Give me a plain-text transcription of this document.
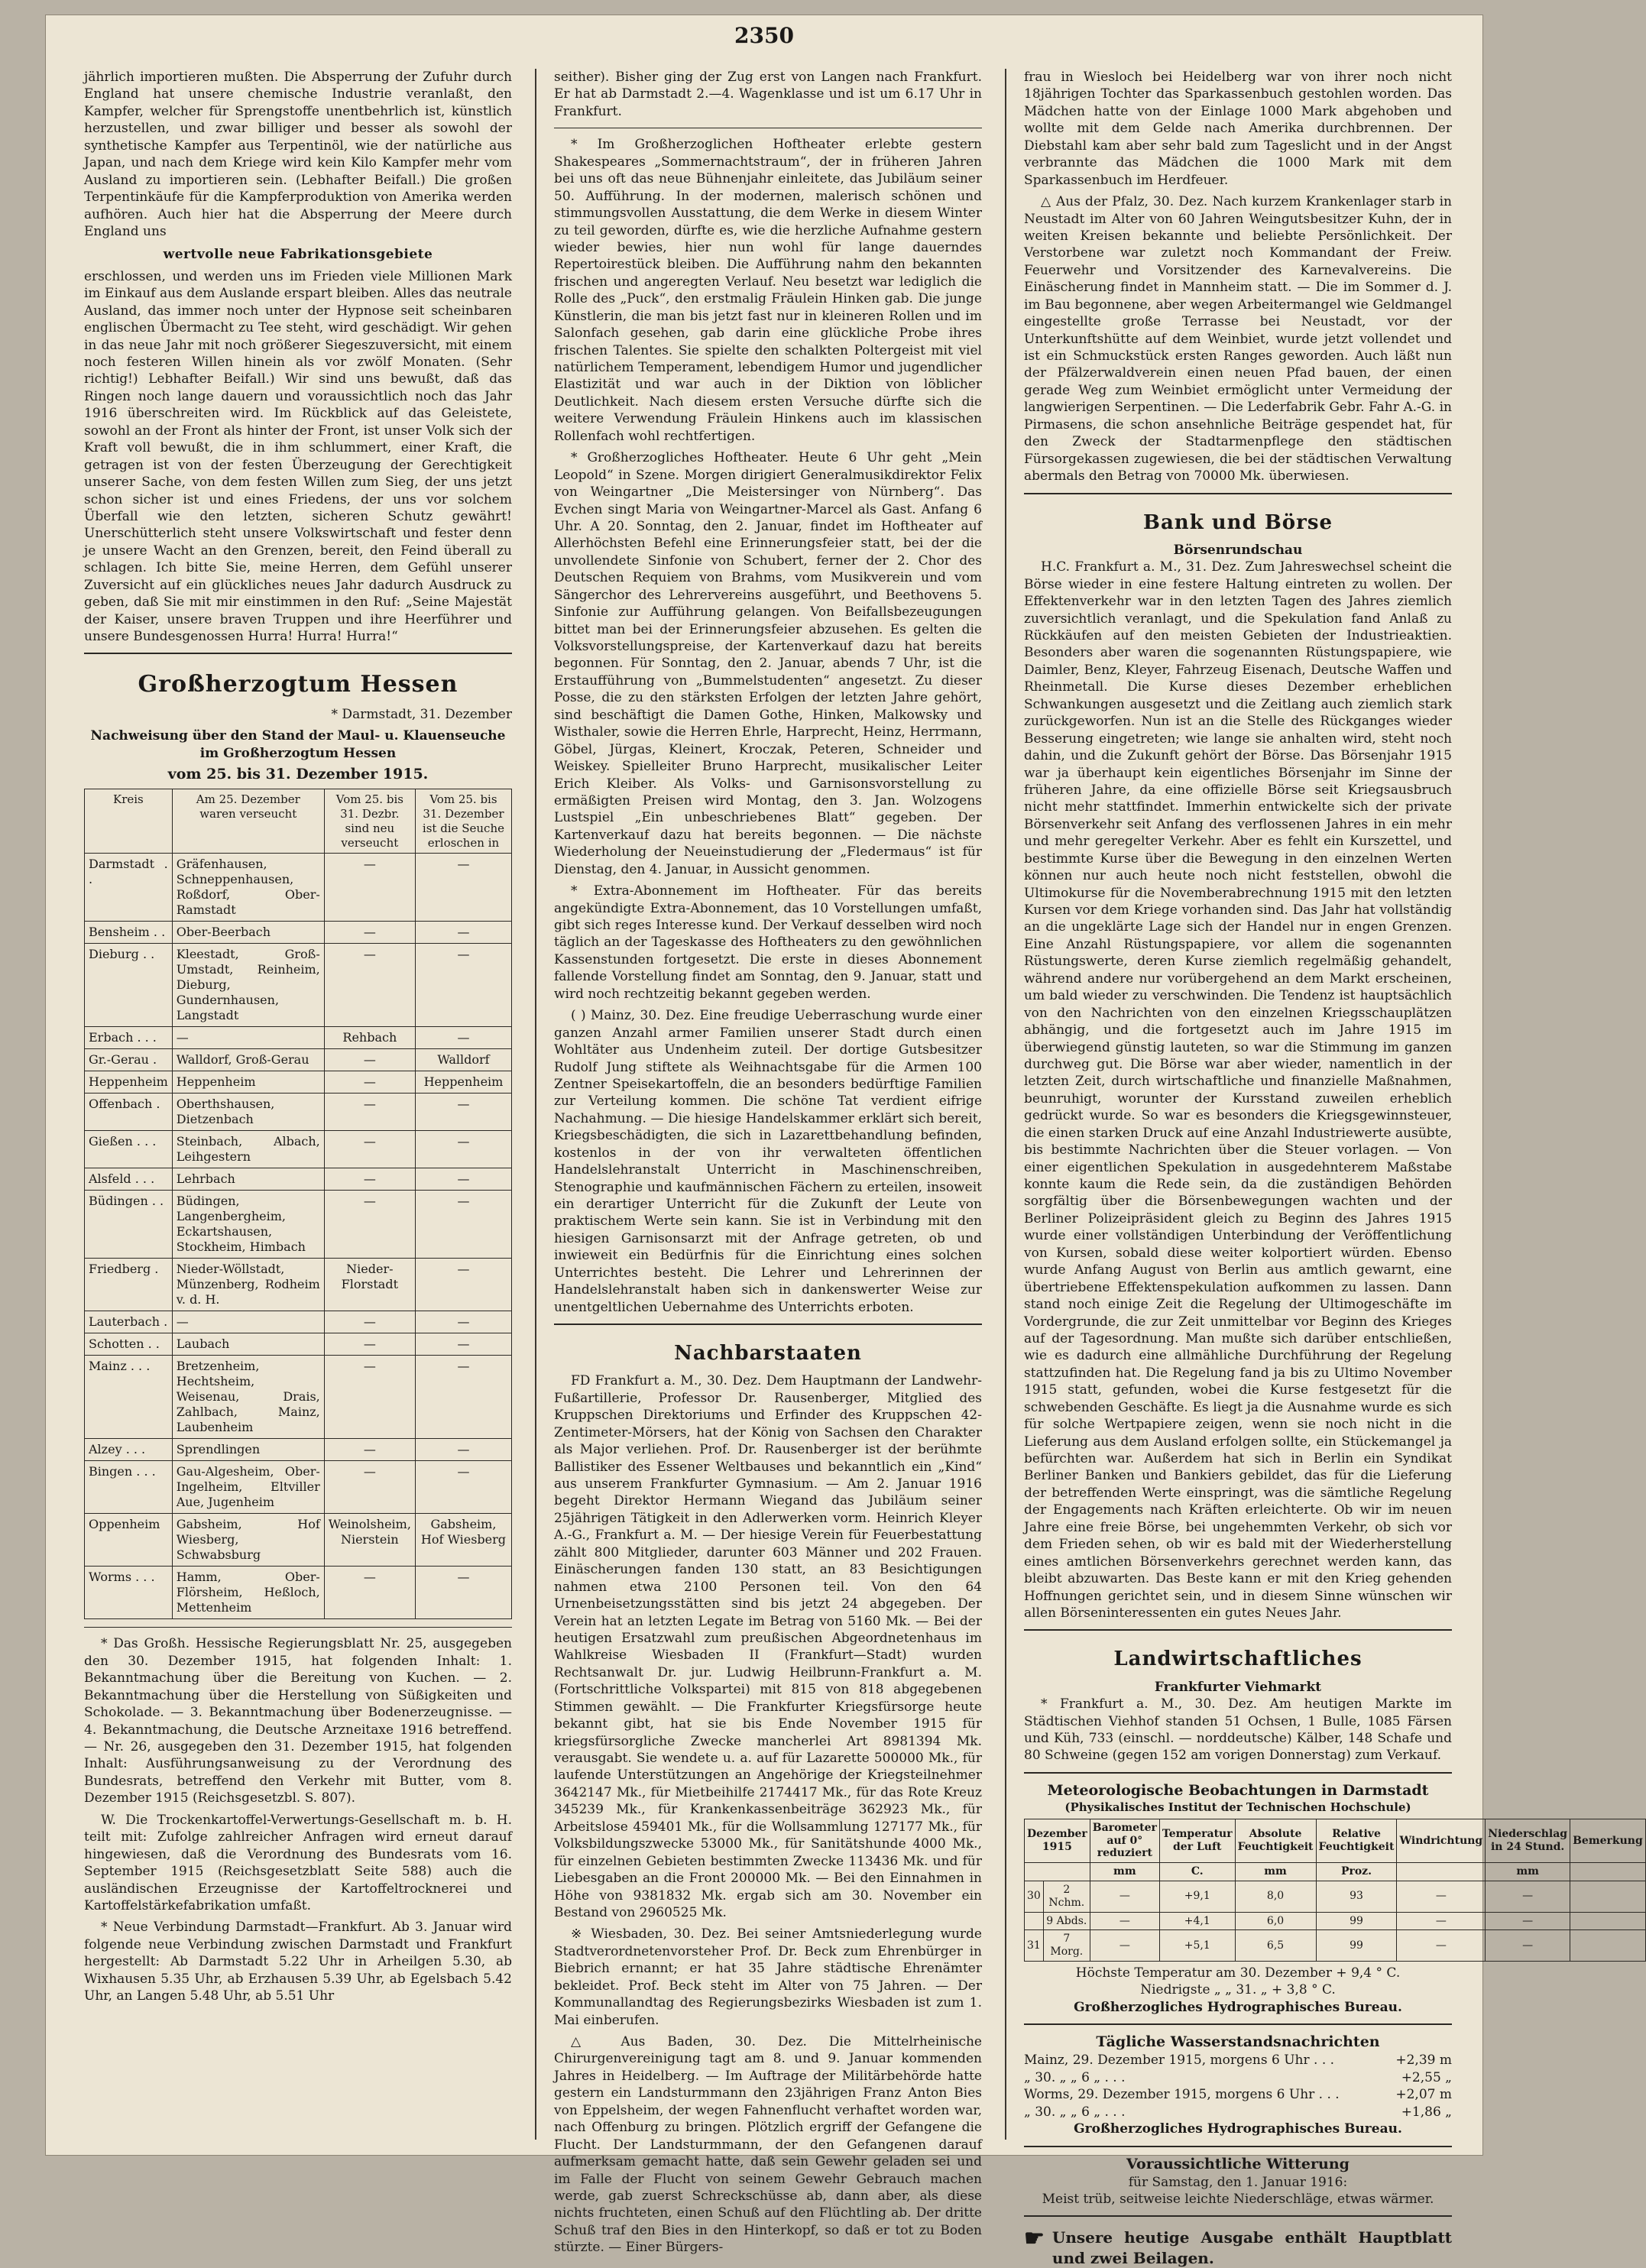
2350

jährlich importieren mußten. Die Absperrung der Zufuhr durch England hat unsere chemische Industrie veranlaßt, den Kampfer, welcher für Sprengstoffe unentbehrlich ist, künstlich herzustellen, und zwar billiger und besser als sowohl der synthetische Kampfer aus Terpentinöl, wie der natürliche aus Japan, und nach dem Kriege wird kein Kilo Kampfer mehr vom Ausland zu importieren sein. (Lebhafter Beifall.) Die großen Terpentinkäufe für die Kampferproduktion von Amerika werden aufhören. Auch hier hat die Absperrung der Meere durch England uns

wertvolle neue Fabrikationsgebiete

erschlossen, und werden uns im Frieden viele Millionen Mark im Einkauf aus dem Auslande erspart bleiben. Alles das neutrale Ausland, das immer noch unter der Hypnose seit scheinbaren englischen Übermacht zu Tee steht, wird geschädigt. Wir gehen in das neue Jahr mit noch größerer Siegeszuversicht, mit einem noch festeren Willen hinein als vor zwölf Monaten. (Sehr richtig!) Lebhafter Beifall.) Wir sind uns bewußt, daß das Ringen noch lange dauern und voraussichtlich noch das Jahr 1916 überschreiten wird. Im Rückblick auf das Geleistete, sowohl an der Front als hinter der Front, ist unser Volk sich der Kraft voll bewußt, die in ihm schlummert, einer Kraft, die getragen ist von der festen Überzeugung der Gerechtigkeit unserer Sache, von dem festen Willen zum Sieg, der uns jetzt schon sicher ist und eines Friedens, der uns vor solchem Überfall wie den letzten, sicheren Schutz gewährt! Unerschütterlich steht unsere Volkswirtschaft und fester denn je unsere Wacht an den Grenzen, bereit, den Feind überall zu schlagen. Ich bitte Sie, meine Herren, dem Gefühl unserer Zuversicht auf ein glückliches neues Jahr dadurch Ausdruck zu geben, daß Sie mit mir einstimmen in den Ruf: „Seine Majestät der Kaiser, unsere braven Truppen und ihre Heerführer und unsere Bundesgenossen Hurra! Hurra! Hurra!“

Großherzogtum Hessen

* Darmstadt, 31. Dezember

Nachweisung über den Stand der Maul- u. Klauenseuche
im Großherzogtum Hessen
vom 25. bis 31. Dezember 1915.
Kreis	Am 25. Dezember waren verseucht	Vom 25. bis 31. Dezbr. sind neu verseucht	Vom 25. bis 31. Dezember ist die Seuche erloschen in
Darmstadt . .	Gräfenhausen, Schneppenhausen, Roßdorf, Ober-Ramstadt	—	—
Bensheim . .	Ober-Beerbach	—	—
Dieburg . .	Kleestadt, Groß-Umstadt, Reinheim, Dieburg, Gundernhausen, Langstadt	—	—
Erbach . . .	—	Rehbach	—
Gr.-Gerau .	Walldorf, Groß-Gerau	—	Walldorf
Heppenheim	Heppenheim	—	Heppenheim
Offenbach .	Oberthshausen, Dietzenbach	—	—
Gießen . . .	Steinbach, Albach, Leihgestern	—	—
Alsfeld . . .	Lehrbach	—	—
Büdingen . .	Büdingen, Langenbergheim, Eckartshausen, Stockheim, Himbach	—	—
Friedberg .	Nieder-Wöllstadt, Münzenberg, Rodheim v. d. H.	Nieder-Florstadt	—
Lauterbach .	—	—	—
Schotten . .	Laubach	—	—
Mainz . . .	Bretzenheim, Hechtsheim, Weisenau, Drais, Zahlbach, Mainz, Laubenheim	—	—
Alzey . . .	Sprendlingen	—	—
Bingen . . .	Gau-Algesheim, Ober-Ingelheim, Eltviller Aue, Jugenheim	—	—
Oppenheim	Gabsheim, Hof Wiesberg, Schwabsburg	Weinolsheim, Nierstein	Gabsheim, Hof Wiesberg
Worms . . .	Hamm, Ober-Flörsheim, Heßloch, Mettenheim	—	—

* Das Großh. Hessische Regierungsblatt Nr. 25, ausgegeben den 30. Dezember 1915, hat folgenden Inhalt: 1. Bekanntmachung über die Bereitung von Kuchen. — 2. Bekanntmachung über die Herstellung von Süßigkeiten und Schokolade. — 3. Bekanntmachung über Bodenerzeugnisse. — 4. Bekanntmachung, die Deutsche Arzneitaxe 1916 betreffend. — Nr. 26, ausgegeben den 31. Dezember 1915, hat folgenden Inhalt: Ausführungsanweisung zu der Verordnung des Bundesrats, betreffend den Verkehr mit Butter, vom 8. Dezember 1915 (Reichsgesetzbl. S. 807).

W. Die Trockenkartoffel-Verwertungs-Gesellschaft m. b. H. teilt mit: Zufolge zahlreicher Anfragen wird erneut darauf hingewiesen, daß die Verordnung des Bundesrats vom 16. September 1915 (Reichsgesetzblatt Seite 588) auch die ausländischen Erzeugnisse der Kartoffeltrocknerei und Kartoffelstärkefabrikation umfaßt.

* Neue Verbindung Darmstadt—Frankfurt. Ab 3. Januar wird folgende neue Verbindung zwischen Darmstadt und Frankfurt hergestellt: Ab Darmstadt 5.22 Uhr in Arheilgen 5.30, ab Wixhausen 5.35 Uhr, ab Erzhausen 5.39 Uhr, ab Egelsbach 5.42 Uhr, an Langen 5.48 Uhr, ab 5.51 Uhr

seither). Bisher ging der Zug erst von Langen nach Frankfurt. Er hat ab Darmstadt 2.—4. Wagenklasse und ist um 6.17 Uhr in Frankfurt.

* Im Großherzoglichen Hoftheater erlebte gestern Shakespeares „Sommernachtstraum“, der in früheren Jahren bei uns oft das neue Bühnenjahr einleitete, das Jubiläum seiner 50. Aufführung. In der modernen, malerisch schönen und stimmungsvollen Ausstattung, die dem Werke in diesem Winter zu teil geworden, dürfte es, wie die herzliche Aufnahme gestern wieder bewies, hier nun wohl für lange dauerndes Repertoirestück bleiben. Die Aufführung nahm den bekannten frischen und angeregten Verlauf. Neu besetzt war lediglich die Rolle des „Puck“, den erstmalig Fräulein Hinken gab. Die junge Künstlerin, die man bis jetzt fast nur in kleineren Rollen und im Salonfach gesehen, gab darin eine glückliche Probe ihres frischen Talentes. Sie spielte den schalkten Poltergeist mit viel natürlichem Temperament, lebendigem Humor und jugendlicher Elastizität und war auch in der Diktion von löblicher Deutlichkeit. Nach diesem ersten Versuche dürfte sich die weitere Verwendung Fräulein Hinkens auch im klassischen Rollenfach wohl rechtfertigen.

* Großherzogliches Hoftheater. Heute 6 Uhr geht „Mein Leopold“ in Szene. Morgen dirigiert Generalmusikdirektor Felix von Weingartner „Die Meistersinger von Nürnberg“. Das Evchen singt Maria von Weingartner-Marcel als Gast. Anfang 6 Uhr. A 20. Sonntag, den 2. Januar, findet im Hoftheater auf Allerhöchsten Befehl eine Erinnerungsfeier statt, bei der die unvollendete Sinfonie von Schubert, ferner der 2. Chor des Deutschen Requiem von Brahms, vom Musikverein und vom Sängerchor des Lehrervereins ausgeführt, und Beethovens 5. Sinfonie zur Aufführung gelangen. Von Beifallsbezeugungen bittet man bei der Erinnerungsfeier abzusehen. Es gelten die Volksvorstellungspreise, der Kartenverkauf dazu hat bereits begonnen. Für Sonntag, den 2. Januar, abends 7 Uhr, ist die Erstaufführung von „Bummelstudenten“ angesetzt. Zu dieser Posse, die zu den stärksten Erfolgen der letzten Jahre gehört, sind beschäftigt die Damen Gothe, Hinken, Malkowsky und Wisthaler, sowie die Herren Ehrle, Harprecht, Heinz, Herrmann, Göbel, Jürgas, Kleinert, Kroczak, Peteren, Schneider und Weiskey. Spielleiter Bruno Harprecht, musikalischer Leiter Erich Kleiber. Als Volks- und Garnisonsvorstellung zu ermäßigten Preisen wird Montag, den 3. Jan. Wolzogens Lustspiel „Ein unbeschriebenes Blatt“ gegeben. Der Kartenverkauf dazu hat bereits begonnen. — Die nächste Wiederholung der Neueinstudierung der „Fledermaus“ ist für Dienstag, den 4. Januar, in Aussicht genommen.

* Extra-Abonnement im Hoftheater. Für das bereits angekündigte Extra-Abonnement, das 10 Vorstellungen umfaßt, gibt sich reges Interesse kund. Der Verkauf desselben wird noch täglich an der Tageskasse des Hoftheaters zu den gewöhnlichen Kassenstunden fortgesetzt. Die erste in dieses Abonnement fallende Vorstellung findet am Sonntag, den 9. Januar, statt und wird noch rechtzeitig bekannt gegeben werden.

( ) Mainz, 30. Dez. Eine freudige Ueberraschung wurde einer ganzen Anzahl armer Familien unserer Stadt durch einen Wohltäter aus Undenheim zuteil. Der dortige Gutsbesitzer Rudolf Jung stiftete als Weihnachtsgabe für die Armen 100 Zentner Speisekartoffeln, die an besonders bedürftige Familien zur Verteilung kommen. Die schöne Tat verdient eifrige Nachahmung. — Die hiesige Handelskammer erklärt sich bereit, Kriegsbeschädigten, die sich in Lazarettbehandlung befinden, kostenlos in der von ihr verwalteten öffentlichen Handelslehranstalt Unterricht in Maschinenschreiben, Stenographie und kaufmännischen Fächern zu erteilen, insoweit ein derartiger Unterricht für die Zukunft der Leute von praktischem Werte sein kann. Sie ist in Verbindung mit den hiesigen Garnisonsarzt mit der Anfrage getreten, ob und inwieweit ein Bedürfnis für die Einrichtung eines solchen Unterrichtes besteht. Die Lehrer und Lehrerinnen der Handelslehranstalt haben sich in dankenswerter Weise zur unentgeltlichen Uebernahme des Unterrichts erboten.

Nachbarstaaten

FD Frankfurt a. M., 30. Dez. Dem Hauptmann der Landwehr-Fußartillerie, Professor Dr. Rausenberger, Mitglied des Kruppschen Direktoriums und Erfinder des Kruppschen 42-Zentimeter-Mörsers, hat der König von Sachsen den Charakter als Major verliehen. Prof. Dr. Rausenberger ist der berühmte Ballistiker des Essener Weltbauses und bekanntlich ein „Kind“ aus unserem Frankfurter Gymnasium. — Am 2. Januar 1916 begeht Direktor Hermann Wiegand das Jubiläum seiner 25jährigen Tätigkeit in den Adlerwerken vorm. Heinrich Kleyer A.-G., Frankfurt a. M. — Der hiesige Verein für Feuerbestattung zählt 800 Mitglieder, darunter 603 Männer und 202 Frauen. Einäscherungen fanden 130 statt, an 83 Besichtigungen nahmen etwa 2100 Personen teil. Von den 64 Urnenbeisetzungsstätten sind bis jetzt 24 abgegeben. Der Verein hat an letzten Legate im Betrag von 5160 Mk. — Bei der heutigen Ersatzwahl zum preußischen Abgeordnetenhaus im Wahlkreise Wiesbaden II (Frankfurt—Stadt) wurden Rechtsanwalt Dr. jur. Ludwig Heilbrunn-Frankfurt a. M. (Fortschrittliche Volkspartei) mit 815 von 818 abgegebenen Stimmen gewählt. — Die Frankfurter Kriegsfürsorge heute bekannt gibt, hat sie bis Ende November 1915 für kriegsfürsorgliche Zwecke mancherlei Art 8981394 Mk. verausgabt. Sie wendete u. a. auf für Lazarette 500000 Mk., für laufende Unterstützungen an Angehörige der Kriegsteilnehmer 3642147 Mk., für Mietbeihilfe 2174417 Mk., für das Rote Kreuz 345239 Mk., für Krankenkassenbeiträge 362923 Mk., für Arbeitslose 459401 Mk., für die Wollsammlung 127177 Mk., für Volksbildungszwecke 53000 Mk., für Sanitätshunde 4000 Mk., für einzelnen Gebieten bestimmten Zwecke 113436 Mk. und für Liebesgaben an die Front 200000 Mk. — Bei den Einnahmen in Höhe von 9381832 Mk. ergab sich am 30. November ein Bestand von 2960525 Mk.

※ Wiesbaden, 30. Dez. Bei seiner Amtsniederlegung wurde Stadtverordnetenvorsteher Prof. Dr. Beck zum Ehrenbürger in Biebrich ernannt; er hat 35 Jahre städtische Ehrenämter bekleidet. Prof. Beck steht im Alter von 75 Jahren. — Der Kommunallandtag des Regierungsbezirks Wiesbaden ist zum 1. Mai einberufen.

△ Aus Baden, 30. Dez. Die Mittelrheinische Chirurgenvereinigung tagt am 8. und 9. Januar kommenden Jahres in Heidelberg. — Im Auftrage der Militärbehörde hatte gestern ein Landsturmmann den 23jährigen Franz Anton Bies von Eppelsheim, der wegen Fahnenflucht verhaftet worden war, nach Offenburg zu bringen. Plötzlich ergriff der Gefangene die Flucht. Der Landsturmmann, der den Gefangenen darauf aufmerksam gemacht hatte, daß sein Gewehr geladen sei und im Falle der Flucht von seinem Gewehr Gebrauch machen werde, gab zuerst Schreckschüsse ab, dann aber, als diese nichts fruchteten, einen Schuß auf den Flüchtling ab. Der dritte Schuß traf den Bies in den Hinterkopf, so daß er tot zu Boden stürzte. — Einer Bürgers-

frau in Wiesloch bei Heidelberg war von ihrer noch nicht 18jährigen Tochter das Sparkassenbuch gestohlen worden. Das Mädchen hatte von der Einlage 1000 Mark abgehoben und wollte mit dem Gelde nach Amerika durchbrennen. Der Diebstahl kam aber sehr bald zum Tageslicht und in der Angst verbrannte das Mädchen die 1000 Mark mit dem Sparkassenbuch im Herdfeuer.

△ Aus der Pfalz, 30. Dez. Nach kurzem Krankenlager starb in Neustadt im Alter von 60 Jahren Weingutsbesitzer Kuhn, der in weiten Kreisen bekannte und beliebte Persönlichkeit. Der Verstorbene war zuletzt noch Kommandant der Freiw. Feuerwehr und Vorsitzender des Karnevalvereins. Die Einäscherung findet in Mannheim statt. — Die im Sommer d. J. im Bau begonnene, aber wegen Arbeitermangel wie Geldmangel eingestellte große Terrasse bei Neustadt, vor der Unterkunftshütte auf dem Weinbiet, wurde jetzt vollendet und ist ein Schmuckstück ersten Ranges geworden. Auch läßt nun der Pfälzerwaldverein einen neuen Pfad bauen, der einen gerade Weg zum Weinbiet ermöglicht unter Vermeidung der langwierigen Serpentinen. — Die Lederfabrik Gebr. Fahr A.-G. in Pirmasens, die schon ansehnliche Beiträge gespendet hat, für den Zweck der Stadtarmenpflege den städtischen Fürsorgekassen zugewiesen, die bei der städtischen Verwaltung abermals den Betrag von 70000 Mk. überwiesen.

Bank und Börse
Börsenrundschau

H.C. Frankfurt a. M., 31. Dez. Zum Jahreswechsel scheint die Börse wieder in eine festere Haltung eintreten zu wollen. Der Effektenverkehr war in den letzten Tagen des Jahres ziemlich zuversichtlich veranlagt, und die Spekulation fand Anlaß zu Rückkäufen auf den meisten Gebieten der Industrieaktien. Besonders aber waren die sogenannten Rüstungspapiere, wie Daimler, Benz, Kleyer, Fahrzeug Eisenach, Deutsche Waffen und Rheinmetall. Die Kurse dieses Dezember erheblichen Schwankungen ausgesetzt und die Zeitlang auch ziemlich stark zurückgeworfen. Nun ist an die Stelle des Rückganges wieder Besserung eingetreten; wie lange sie anhalten wird, steht noch dahin, und die Zukunft gehört der Börse. Das Börsenjahr 1915 war ja überhaupt kein eigentliches Börsenjahr im Sinne der früheren Jahre, da eine offizielle Börse seit Kriegsausbruch nicht mehr stattfindet. Immerhin entwickelte sich der private Börsenverkehr seit Anfang des verflossenen Jahres in ein mehr und mehr geregelter Verkehr. Aber es fehlt ein Kurszettel, und bestimmte Kurse über die Bewegung in den einzelnen Werten können nur auch heute noch nicht feststellen, obwohl die Ultimokurse für die Novemberabrechnung 1915 mit den letzten Kursen vor dem Kriege vorhanden sind. Das Jahr hat vollständig an die ungeklärte Lage sich der Handel nur in engen Grenzen. Eine Anzahl Rüstungspapiere, vor allem die sogenannten Rüstungswerte, deren Kurse ziemlich regelmäßig gehandelt, während andere nur vorübergehend an dem Markt erscheinen, um bald wieder zu verschwinden. Die Tendenz ist hauptsächlich von den Nachrichten von den einzelnen Kriegsschauplätzen abhängig, und die fortgesetzt auch im Jahre 1915 im überwiegend günstig lauteten, so war die Stimmung im ganzen durchweg gut. Die Börse war aber wieder, namentlich in der letzten Zeit, durch wirtschaftliche und finanzielle Maßnahmen, beunruhigt, worunter der Kursstand zuweilen erheblich gedrückt wurde. So war es besonders die Kriegsgewinnsteuer, die einen starken Druck auf eine Anzahl Industriewerte ausübte, bis bestimmte Nachrichten über die Steuer vorlagen. — Von einer eigentlichen Spekulation in ausgedehnterem Maßstabe konnte kaum die Rede sein, da die zuständigen Behörden sorgfältig über die Börsenbewegungen wachten und der Berliner Polizeipräsident gleich zu Beginn des Jahres 1915 wurde einer vollständigen Unterbindung der Veröffentlichung von Kursen, sobald diese weiter kolportiert würden. Ebenso wurde Anfang August von Berlin aus amtlich gewarnt, eine übertriebene Effektenspekulation aufkommen zu lassen. Dann stand noch einige Zeit die Regelung der Ultimogeschäfte im Vordergrunde, die zur Zeit unmittelbar vor Beginn des Krieges auf der Tagesordnung. Man mußte sich darüber entschließen, wie es dadurch eine allmähliche Durchführung der Regelung stattzufinden hat. Die Regelung fand ja bis zu Ultimo November 1915 statt, gefunden, wobei die Kurse festgesetzt für die schwebenden Geschäfte. Es liegt ja die Ausnahme wurde es sich für solche Wertpapiere zeigen, wenn sie noch nicht in die Lieferung aus dem Ausland erfolgen sollte, ein Stückemangel ja befürchten war. Außerdem hat sich in Berlin ein Syndikat Berliner Banken und Bankiers gebildet, das für die Lieferung der betreffenden Werte einspringt, was die sämtliche Regelung der Engagements nach Kräften erleichterte. Ob wir im neuen Jahre eine freie Börse, bei ungehemmten Verkehr, ob sich vor dem Frieden sehen, ob wir es bald mit der Wiederherstellung eines amtlichen Börsenverkehrs gerechnet werden kann, das bleibt abzuwarten. Das Beste kann er mit den Krieg gehenden Hoffnungen gerichtet sein, und in diesem Sinne wünschen wir allen Börseninteressenten ein gutes Neues Jahr.

Landwirtschaftliches
Frankfurter Viehmarkt

* Frankfurt a. M., 30. Dez. Am heutigen Markte im Städtischen Viehhof standen 51 Ochsen, 1 Bulle, 1085 Färsen und Küh, 733 (einschl. — norddeutsche) Kälber, 148 Schafe und 80 Schweine (gegen 152 am vorigen Donnerstag) zum Verkauf.

Meteorologische Beobachtungen in Darmstadt
(Physikalisches Institut der Technischen Hochschule)
Dezember 1915		Barometer auf 0° reduziert	Temperatur der Luft	Absolute Feuchtigkeit	Relative Feuchtigkeit	Windrichtung	Niederschlag in 24 Stund.	Bemerkung
		mm	C.	mm	Proz.		mm	
30	2 Nchm.	—	+9,1	8,0	93	—	—	
	9 Abds.	—	+4,1	6,0	99	—	—	
31	7 Morg.	—	+5,1	6,5	99	—	—	
Höchste Temperatur am 30. Dezember + 9,4 ° C.
Niedrigste „ „ 31. „ + 3,8 ° C.
Großherzogliches Hydrographisches Bureau.
Tägliche Wasserstandsnachrichten
Mainz, 29. Dezember 1915, morgens 6 Uhr . . .	+2,39 m
„ 30. „ „ 6 „ . . .	+2,55 „
Worms, 29. Dezember 1915, morgens 6 Uhr . . .	+2,07 m
„ 30. „ „ 6 „ . . .	+1,86 „
Großherzogliches Hydrographisches Bureau.
Voraussichtliche Witterung
für Samstag, den 1. Januar 1916:
Meist trüb, seitweise leichte Niederschläge, etwas wärmer.
☛ Unsere heutige Ausgabe enthält Hauptblatt und zwei Beilagen.
